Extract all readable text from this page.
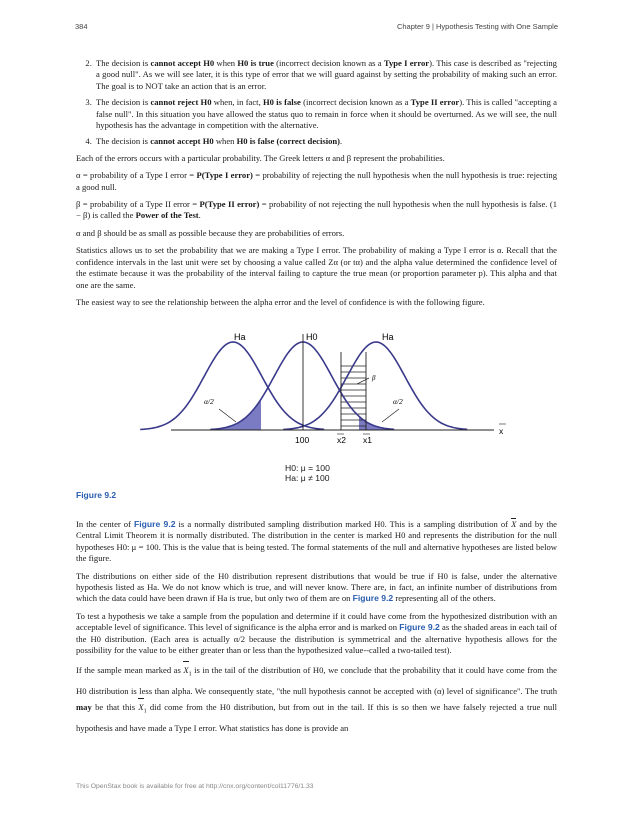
384	Chapter 9 | Hypothesis Testing with One Sample
2. The decision is cannot accept H0 when H0 is true (incorrect decision known as a Type I error). This case is described as "rejecting a good null". As we will see later, it is this type of error that we will guard against by setting the probability of making such an error. The goal is to NOT take an action that is an error.
3. The decision is cannot reject H0 when, in fact, H0 is false (incorrect decision known as a Type II error). This is called "accepting a false null". In this situation you have allowed the status quo to remain in force when it should be overturned. As we will see, the null hypothesis has the advantage in competition with the alternative.
4. The decision is cannot accept H0 when H0 is false (correct decision).

Each of the errors occurs with a particular probability. The Greek letters α and β represent the probabilities.

α = probability of a Type I error = P(Type I error) = probability of rejecting the null hypothesis when the null hypothesis is true: rejecting a good null.

β = probability of a Type II error = P(Type II error) = probability of not rejecting the null hypothesis when the null hypothesis is false. (1 − β) is called the Power of the Test.

α and β should be as small as possible because they are probabilities of errors.

Statistics allows us to set the probability that we are making a Type I error. The probability of making a Type I error is α. Recall that the confidence intervals in the last unit were set by choosing a value called Zα (or tα) and the alpha value determined the confidence level of the estimate because it was the probability of the interval failing to capture the true mean (or proportion parameter p). This alpha and that one are the same.

The easiest way to see the relationship between the alpha error and the level of confidence is with the following figure.

Ha	H0	Ha
β
α/2	α/2
100	x2 x1
x
H0: μ = 100
Ha: μ ≠ 100
Figure 9.2

In the center of Figure 9.2 is a normally distributed sampling distribution marked H0. This is a sampling distribution of X and by the Central Limit Theorem it is normally distributed. The distribution in the center is marked H0 and represents the distribution for the null hypotheses H0: μ = 100. This is the value that is being tested. The formal statements of the null and alternative hypotheses are listed below the figure.

The distributions on either side of the H0 distribution represent distributions that would be true if H0 is false, under the alternative hypothesis listed as Ha. We do not know which is true, and will never know. There are, in fact, an infinite number of distributions from which the data could have been drawn if Ha is true, but only two of them are on Figure 9.2 representing all of the others.

To test a hypothesis we take a sample from the population and determine if it could have come from the hypothesized distribution with an acceptable level of significance. This level of significance is the alpha error and is marked on Figure 9.2 as the shaded areas in each tail of the H0 distribution. (Each area is actually α/2 because the distribution is symmetrical and the alternative hypothesis allows for the possibility for the value to be either greater than or less than the hypothesized value--called a two-tailed test).

If the sample mean marked as $X_1$ is in the tail of the distribution of H0, we conclude that the probability that it could have come from the H0 distribution is less than alpha. We consequently state, "the null hypothesis cannot be accepted with (α) level of significance". The truth may be that this $X_1$ did come from the H0 distribution, but from out in the tail. If this is so then we have falsely rejected a true null hypothesis and have made a Type I error. What statistics has done is provide an

This OpenStax book is available for free at http://cnx.org/content/col11776/1.33
